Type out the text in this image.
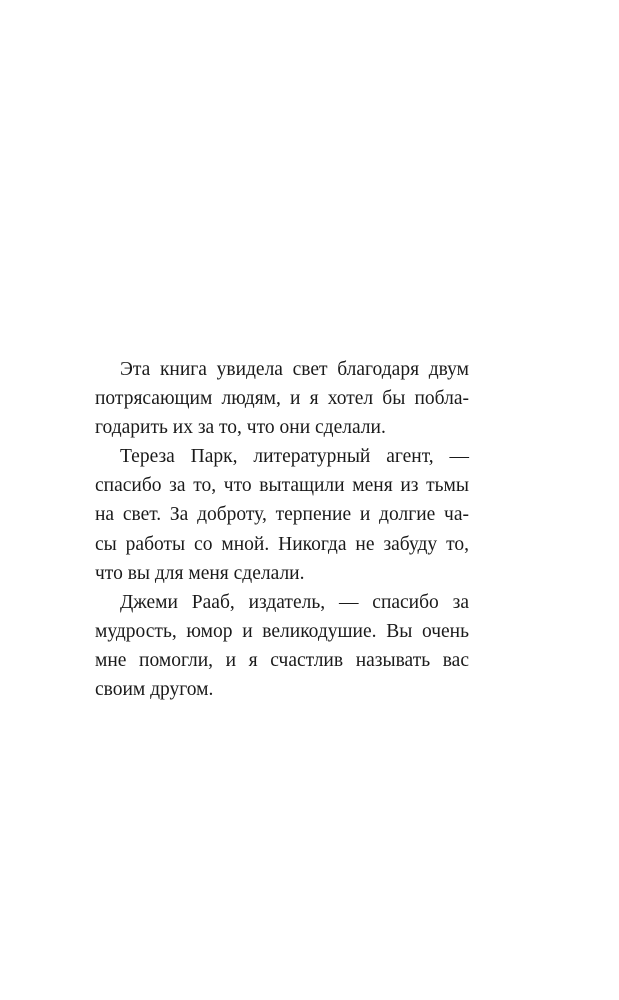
Эта книга увидела свет благодаря двум
потрясающим людям, и я хотел бы побла-
годарить их за то, что они сделали.
Тереза Парк, литературный агент, —
спасибо за то, что вытащили меня из тьмы
на свет. За доброту, терпение и долгие ча-
сы работы со мной. Никогда не забуду то,
что вы для меня сделали.
Джеми Рааб, издатель, — спасибо за
мудрость, юмор и великодушие. Вы очень
мне помогли, и я счастлив называть вас
своим другом.
